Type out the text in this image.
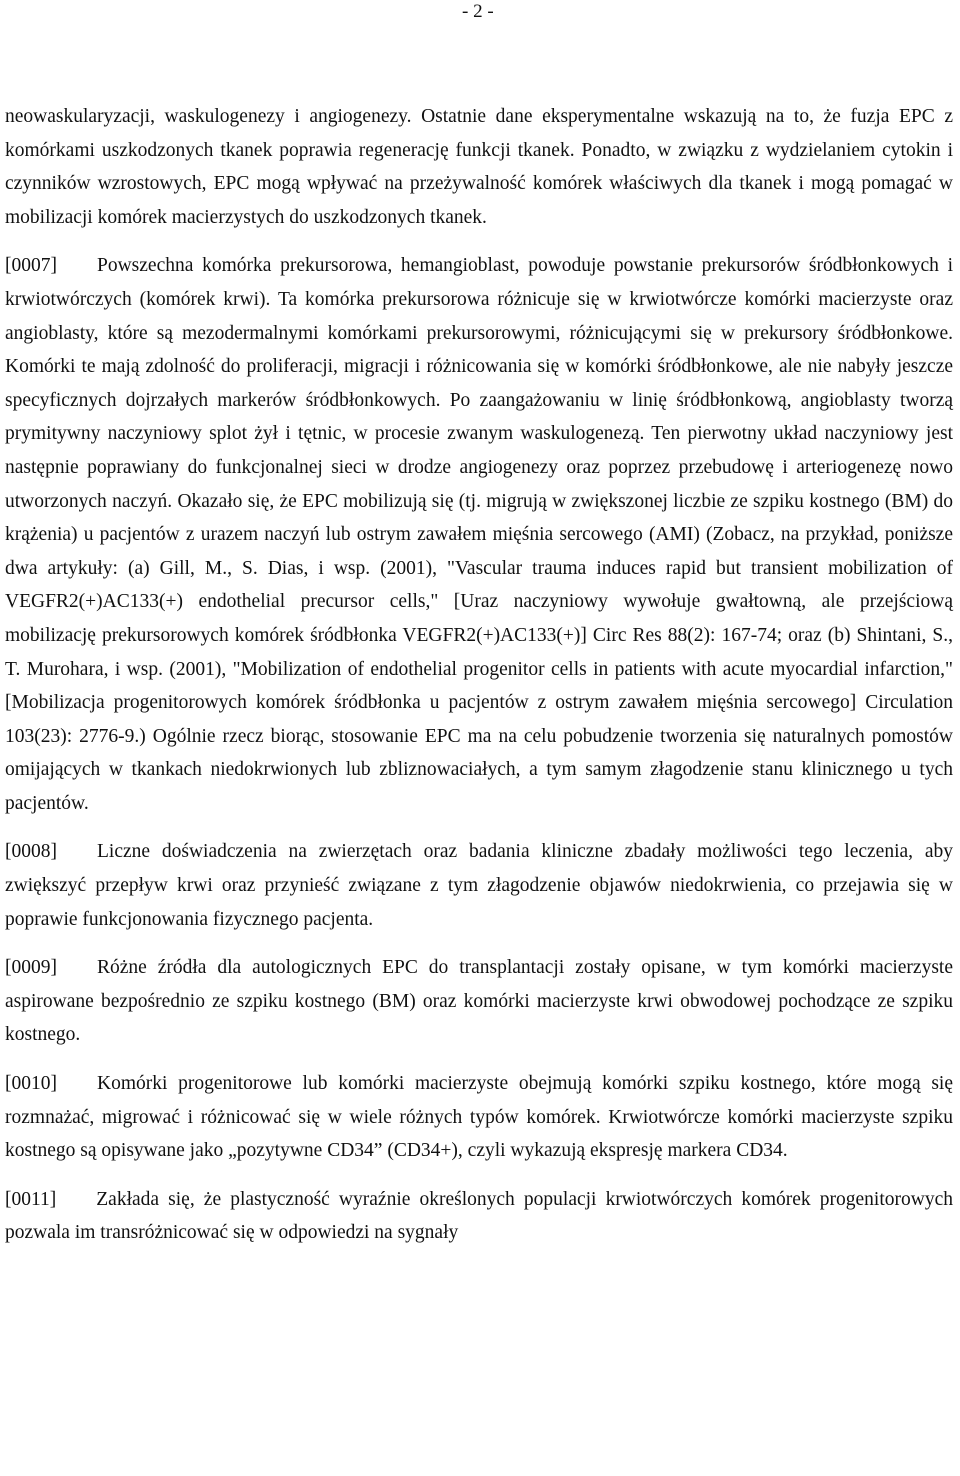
- 2 -

neowaskularyzacji, waskulogenezy i angiogenezy. Ostatnie dane eksperymentalne wskazują na to, że fuzja EPC z komórkami uszkodzonych tkanek poprawia regenerację funkcji tkanek. Ponadto, w związku z wydzielaniem cytokin i czynników wzrostowych, EPC mogą wpływać na przeżywalność komórek właściwych dla tkanek i mogą pomagać w mobilizacji komórek macierzystych do uszkodzonych tkanek.

[0007] Powszechna komórka prekursorowa, hemangioblast, powoduje powstanie prekursorów śródbłonkowych i krwiotwórczych (komórek krwi). Ta komórka prekursorowa różnicuje się w krwiotwórcze komórki macierzyste oraz angioblasty, które są mezodermalnymi komórkami prekursorowymi, różnicującymi się w prekursory śródbłonkowe. Komórki te mają zdolność do proliferacji, migracji i różnicowania się w komórki śródbłonkowe, ale nie nabyły jeszcze specyficznych dojrzałych markerów śródbłonkowych. Po zaangażowaniu w linię śródbłonkową, angioblasty tworzą prymitywny naczyniowy splot żył i tętnic, w procesie zwanym waskulogenezą. Ten pierwotny układ naczyniowy jest następnie poprawiany do funkcjonalnej sieci w drodze angiogenezy oraz poprzez przebudowę i arteriogenezę nowo utworzonych naczyń. Okazało się, że EPC mobilizują się (tj. migrują w zwiększonej liczbie ze szpiku kostnego (BM) do krążenia) u pacjentów z urazem naczyń lub ostrym zawałem mięśnia sercowego (AMI) (Zobacz, na przykład, poniższe dwa artykuły: (a) Gill, M., S. Dias, i wsp. (2001), "Vascular trauma induces rapid but transient mobilization of VEGFR2(+)AC133(+) endothelial precursor cells," [Uraz naczyniowy wywołuje gwałtowną, ale przejściową mobilizację prekursorowych komórek śródbłonka VEGFR2(+)AC133(+)] Circ Res 88(2): 167-74; oraz (b) Shintani, S., T. Murohara, i wsp. (2001), "Mobilization of endothelial progenitor cells in patients with acute myocardial infarction," [Mobilizacja progenitorowych komórek śródbłonka u pacjentów z ostrym zawałem mięśnia sercowego] Circulation 103(23): 2776-9.) Ogólnie rzecz biorąc, stosowanie EPC ma na celu pobudzenie tworzenia się naturalnych pomostów omijających w tkankach niedokrwionych lub zbliznowaciałych, a tym samym złagodzenie stanu klinicznego u tych pacjentów.

[0008] Liczne doświadczenia na zwierzętach oraz badania kliniczne zbadały możliwości tego leczenia, aby zwiększyć przepływ krwi oraz przynieść związane z tym złagodzenie objawów niedokrwienia, co przejawia się w poprawie funkcjonowania fizycznego pacjenta.

[0009] Różne źródła dla autologicznych EPC do transplantacji zostały opisane, w tym komórki macierzyste aspirowane bezpośrednio ze szpiku kostnego (BM) oraz komórki macierzyste krwi obwodowej pochodzące ze szpiku kostnego.

[0010] Komórki progenitorowe lub komórki macierzyste obejmują komórki szpiku kostnego, które mogą się rozmnażać, migrować i różnicować się w wiele różnych typów komórek. Krwiotwórcze komórki macierzyste szpiku kostnego są opisywane jako „pozytywne CD34” (CD34+), czyli wykazują ekspresję markera CD34.

[0011] Zakłada się, że plastyczność wyraźnie określonych populacji krwiotwórczych komórek progenitorowych pozwala im transróżnicować się w odpowiedzi na sygnały
